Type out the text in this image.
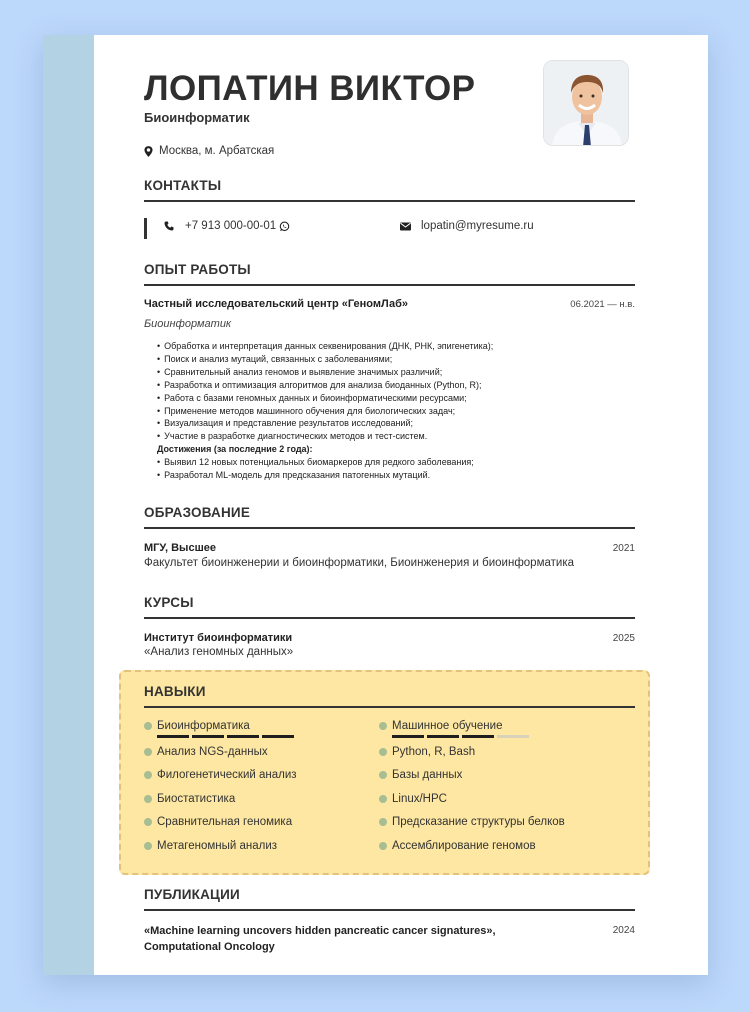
ЛОПАТИН ВИКТОР
Биоинформатик
Москва, м. Арбатская
КОНТАКТЫ
+7 913 000-00-01	lopatin@myresume.ru
ОПЫТ РАБОТЫ
Частный исследовательский центр «ГеномЛаб»	06.2021 — н.в.
Биоинформатик
• Обработка и интерпретация данных секвенирования (ДНК, РНК, эпигенетика);
• Поиск и анализ мутаций, связанных с заболеваниями;
• Сравнительный анализ геномов и выявление значимых различий;
• Разработка и оптимизация алгоритмов для анализа биоданных (Python, R);
• Работа с базами геномных данных и биоинформатическими ресурсами;
• Применение методов машинного обучения для биологических задач;
• Визуализация и представление результатов исследований;
• Участие в разработке диагностических методов и тест-систем.
Достижения (за последние 2 года):
• Выявил 12 новых потенциальных биомаркеров для редкого заболевания;
• Разработал ML-модель для предсказания патогенных мутаций.
ОБРАЗОВАНИЕ
МГУ, Высшее	2021
Факультет биоинженерии и биоинформатики, Биоинженерия и биоинформатика
КУРСЫ
Институт биоинформатики	2025
«Анализ геномных данных»
НАВЫКИ
Биоинформатика
Анализ NGS-данных
Филогенетический анализ
Биостатистика
Сравнительная геномика
Метагеномный анализ
Машинное обучение
Python, R, Bash
Базы данных
Linux/HPC
Предсказание структуры белков
Ассемблирование геномов
ПУБЛИКАЦИИ
«Machine learning uncovers hidden pancreatic cancer signatures», Computational Oncology
2024
